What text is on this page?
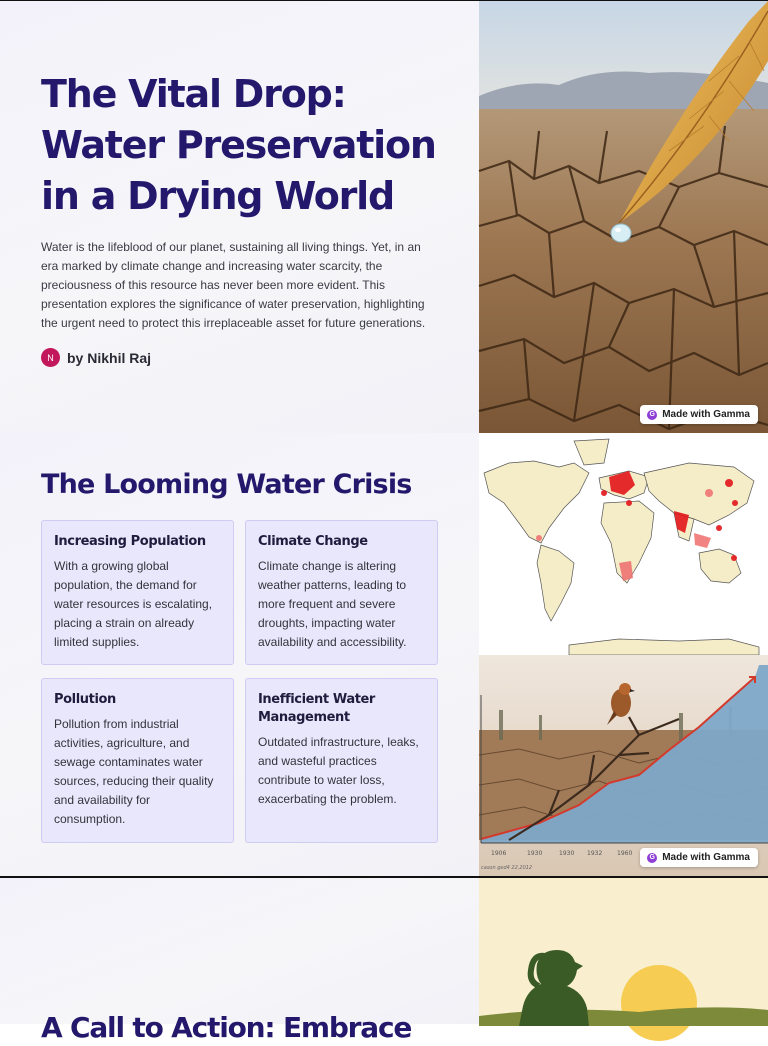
The Vital Drop:
Water Preservation
in a Drying World

Water is the lifeblood of our planet, sustaining all living things. Yet, in an era marked by climate change and increasing water scarcity, the preciousness of this resource has never been more evident. This presentation explores the significance of water preservation, highlighting the urgent need to protect this irreplaceable asset for future generations.

N by Nikhil Raj
G Made with Gamma
The Looming Water Crisis
Increasing Population

With a growing global population, the demand for water resources is escalating, placing a strain on already limited supplies.

Climate Change

Climate change is altering weather patterns, leading to more frequent and severe droughts, impacting water availability and accessibility.

Pollution

Pollution from industrial activities, agriculture, and sewage contaminates water sources, reducing their quality and availability for consumption.

Inefficient Water Management

Outdated infrastructure, leaks, and wasteful practices contribute to water loss, exacerbating the problem.

1906	1930	1930 1932 1960
cason ged4 22,2012
G Made with Gamma
A Call to Action: Embrace
